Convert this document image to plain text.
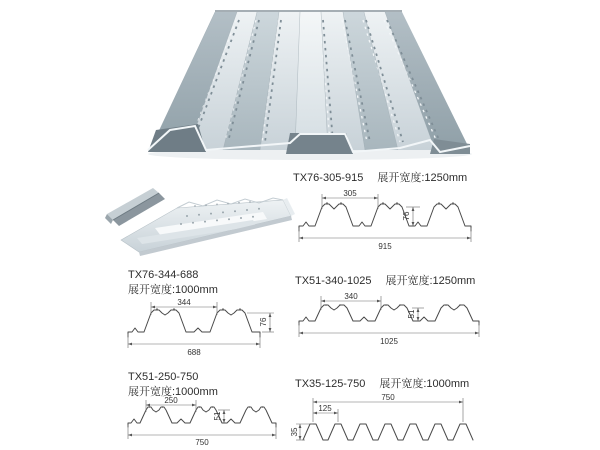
TX76-305-915 展开宽度:1250mm
305
76
915
TX76-344-688
展开宽度:1000mm
344
76
688
TX51-340-1025 展开宽度:1250mm
340
51
1025
TX51-250-750
展开宽度:1000mm
250
51
750
TX35-125-750 展开宽度:1000mm
750
125
35
